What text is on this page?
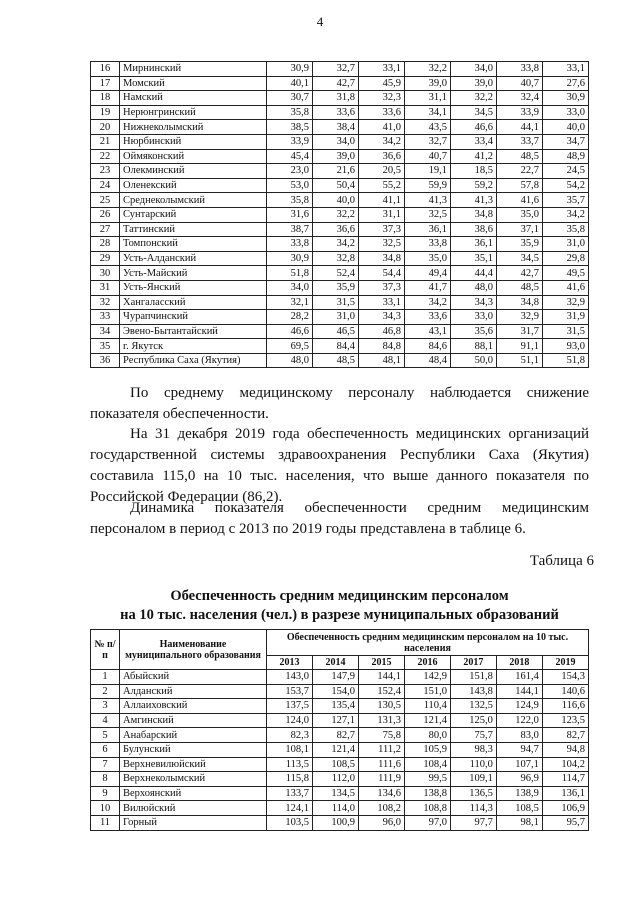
4
16	Мирнинский	30,9	32,7	33,1	32,2	34,0	33,8	33,1
17	Момский	40,1	42,7	45,9	39,0	39,0	40,7	27,6
18	Намский	30,7	31,8	32,3	31,1	32,2	32,4	30,9
19	Нерюнгринский	35,8	33,6	33,6	34,1	34,5	33,9	33,0
20	Нижнеколымский	38,5	38,4	41,0	43,5	46,6	44,1	40,0
21	Нюрбинский	33,9	34,0	34,2	32,7	33,4	33,7	34,7
22	Оймяконский	45,4	39,0	36,6	40,7	41,2	48,5	48,9
23	Олекминский	23,0	21,6	20,5	19,1	18,5	22,7	24,5
24	Оленекский	53,0	50,4	55,2	59,9	59,2	57,8	54,2
25	Среднеколымский	35,8	40,0	41,1	41,3	41,3	41,6	35,7
26	Сунтарский	31,6	32,2	31,1	32,5	34,8	35,0	34,2
27	Таттинский	38,7	36,6	37,3	36,1	38,6	37,1	35,8
28	Томпонский	33,8	34,2	32,5	33,8	36,1	35,9	31,0
29	Усть-Алданский	30,9	32,8	34,8	35,0	35,1	34,5	29,8
30	Усть-Майский	51,8	52,4	54,4	49,4	44,4	42,7	49,5
31	Усть-Янский	34,0	35,9	37,3	41,7	48,0	48,5	41,6
32	Хангаласский	32,1	31,5	33,1	34,2	34,3	34,8	32,9
33	Чурапчинский	28,2	31,0	34,3	33,6	33,0	32,9	31,9
34	Эвено-Бытантайский	46,6	46,5	46,8	43,1	35,6	31,7	31,5
35	г. Якутск	69,5	84,4	84,8	84,6	88,1	91,1	93,0
36	Республика Саха (Якутия)	48,0	48,5	48,1	48,4	50,0	51,1	51,8
По среднему медицинскому персоналу наблюдается снижение показателя обеспеченности.
На 31 декабря 2019 года обеспеченность медицинских организаций государственной системы здравоохранения Республики Саха (Якутия) составила 115,0 на 10 тыс. населения, что выше данного показателя по Российской Федерации (86,2).
Динамика показателя обеспеченности средним медицинским персоналом в период с 2013 по 2019 годы представлена в таблице 6.
Таблица 6
Обеспеченность средним медицинским персоналом
на 10 тыс. населения (чел.) в разрезе муниципальных образований
№ п/п	Наименование муниципального образования	Обеспеченность средним медицинским персоналом на 10 тыс. населения						
		2013	2014	2015	2016	2017	2018	2019
1	Абыйский	143,0	147,9	144,1	142,9	151,8	161,4	154,3
2	Алданский	153,7	154,0	152,4	151,0	143,8	144,1	140,6
3	Аллаиховский	137,5	135,4	130,5	110,4	132,5	124,9	116,6
4	Амгинский	124,0	127,1	131,3	121,4	125,0	122,0	123,5
5	Анабарский	82,3	82,7	75,8	80,0	75,7	83,0	82,7
6	Булунский	108,1	121,4	111,2	105,9	98,3	94,7	94,8
7	Верхневилюйский	113,5	108,5	111,6	108,4	110,0	107,1	104,2
8	Верхнеколымский	115,8	112,0	111,9	99,5	109,1	96,9	114,7
9	Верхоянский	133,7	134,5	134,6	138,8	136,5	138,9	136,1
10	Вилюйский	124,1	114,0	108,2	108,8	114,3	108,5	106,9
11	Горный	103,5	100,9	96,0	97,0	97,7	98,1	95,7
